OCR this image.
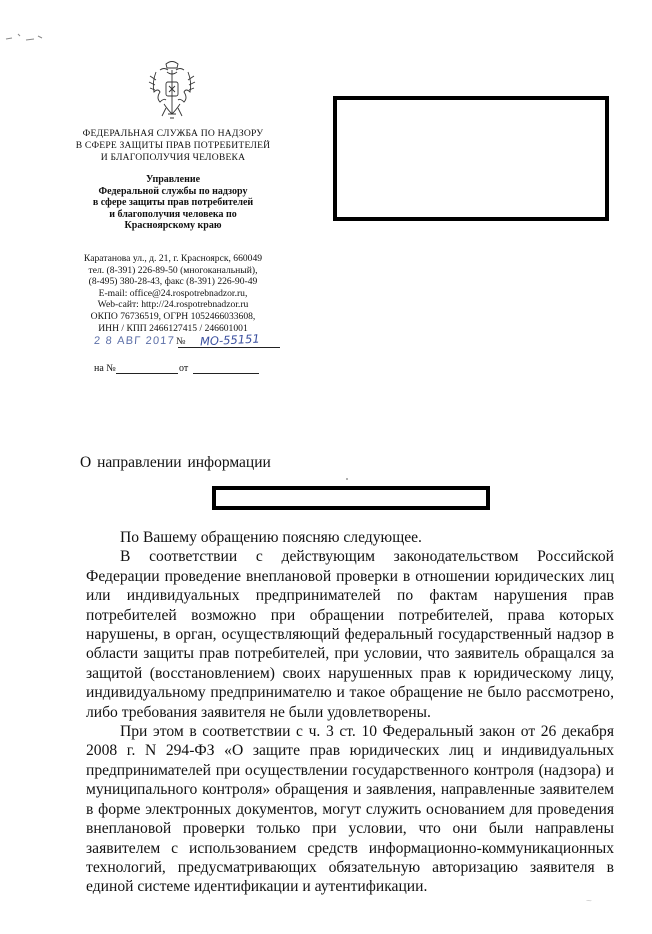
ФЕДЕРАЛЬНАЯ СЛУЖБА ПО НАДЗОРУ
В СФЕРЕ ЗАЩИТЫ ПРАВ ПОТРЕБИТЕЛЕЙ
И БЛАГОПОЛУЧИЯ ЧЕЛОВЕКА
Управление
Федеральной службы по надзору
в сфере защиты прав потребителей
и благополучия человека по
Красноярскому краю
Каратанова ул., д. 21, г. Красноярск, 660049
тел. (8-391) 226-89-50 (многоканальный),
(8-495) 380-28-43, факс (8-391) 226-90-49
E-mail: office@24.rospotrebnadzor.ru,
Web-сайт: http://24.rospotrebnadzor.ru
ОКПО 76736519, ОГРН 1052466033608,
ИНН / КПП 2466127415 / 246601001
2 8 АВГ 2017 № МО-55151
на №	от
О направлении информации

По Вашему обращению поясняю следующее.

В соответствии с действующим законодательством Российской Федерации проведение внеплановой проверки в отношении юридических лиц или индивидуальных предпринимателей по фактам нарушения прав потребителей возможно при обращении потребителей, права которых нарушены, в орган, осуществляющий федеральный государственный надзор в области защиты прав потребителей, при условии, что заявитель обращался за защитой (восстановлением) своих нарушенных прав к юридическому лицу, индивидуальному предпринимателю и такое обращение не было рассмотрено, либо требования заявителя не были удовлетворены.

При этом в соответствии с ч. 3 ст. 10 Федеральный закон от 26 декабря 2008 г. N 294-ФЗ «О защите прав юридических лиц и индивидуальных предпринимателей при осуществлении государственного контроля (надзора) и муниципального контроля» обращения и заявления, направленные заявителем в форме электронных документов, могут служить основанием для проведения внеплановой проверки только при условии, что они были направлены заявителем с использованием средств информационно-коммуникационных технологий, предусматривающих обязательную авторизацию заявителя в единой системе идентификации и аутентификации.

~
